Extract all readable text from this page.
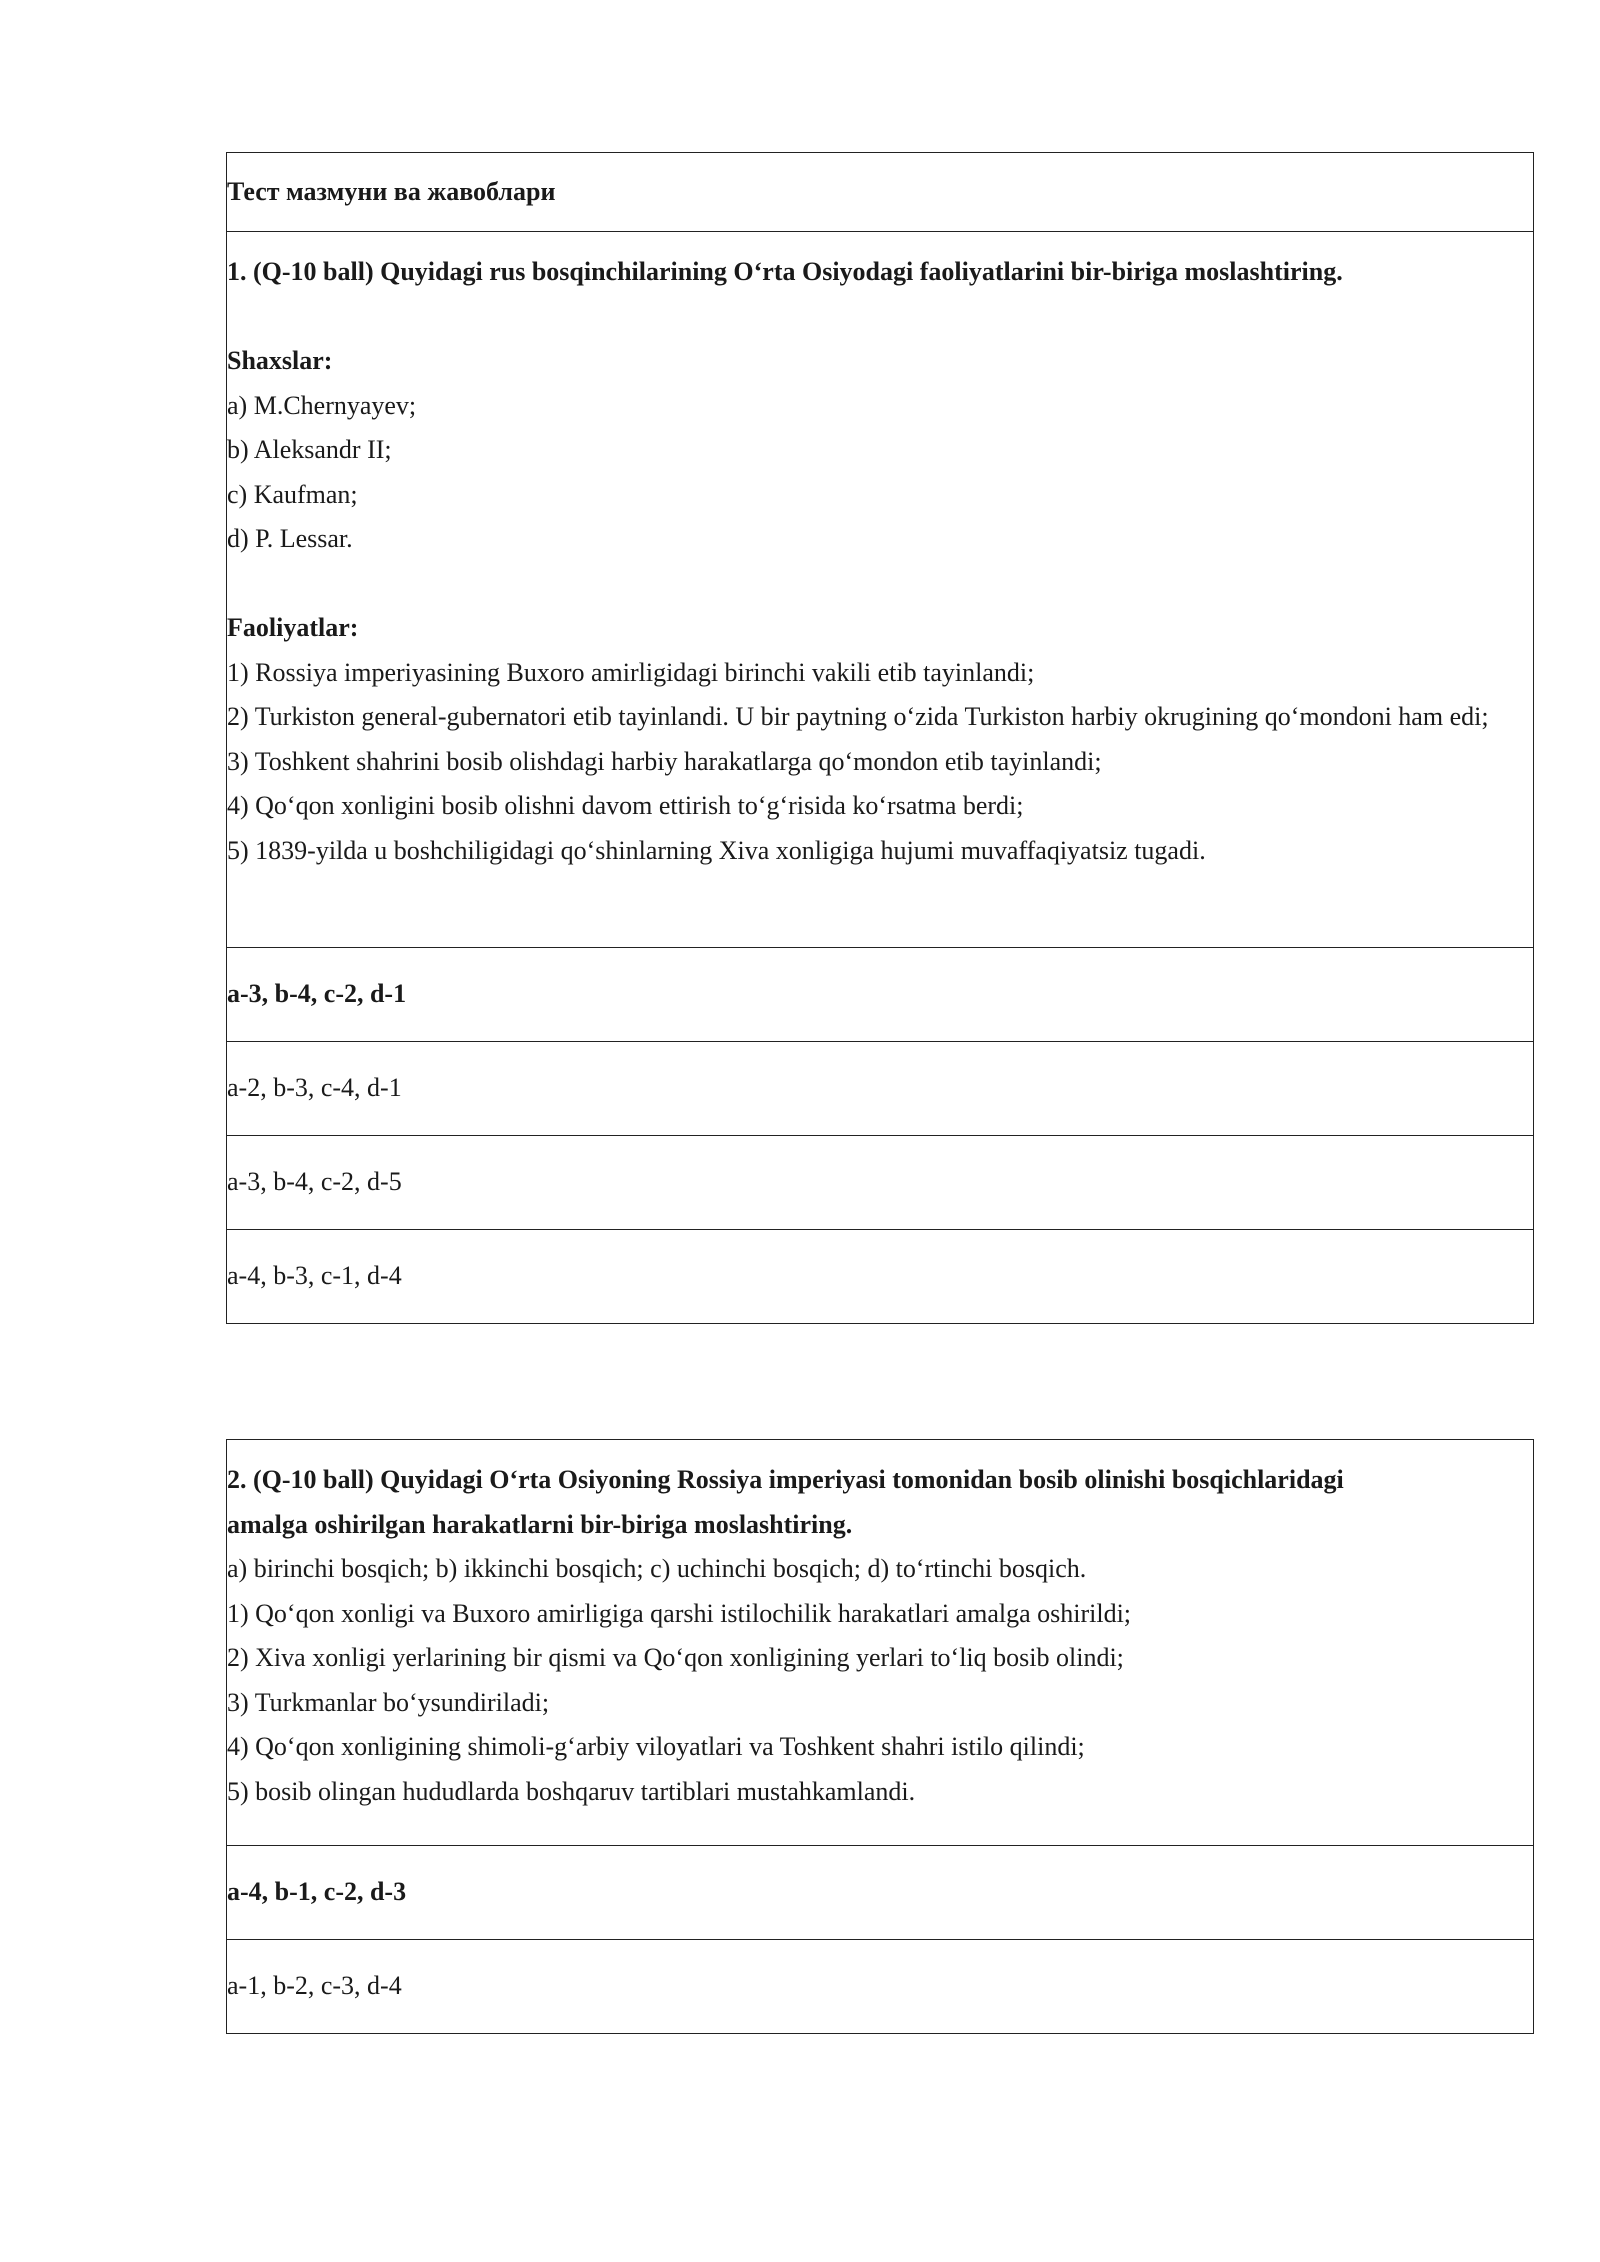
Тест мазмуни ва жавоблари
1. (Q-10 ball) Quyidagi rus bosqinchilarining O‘rta Osiyodagi faoliyatlarini bir-biriga moslashtiring.
Shaxslar:
a) M.Chernyayev;
b) Aleksandr II;
c) Kaufman;
d) P. Lessar.
Faoliyatlar:
1) Rossiya imperiyasining Buxoro amirligidagi birinchi vakili etib tayinlandi;
2) Turkiston general-gubernatori etib tayinlandi. U bir paytning o‘zida Turkiston harbiy okrugining qo‘mondoni ham edi;
3) Toshkent shahrini bosib olishdagi harbiy harakatlarga qo‘mondon etib tayinlandi;
4) Qo‘qon xonligini bosib olishni davom ettirish to‘g‘risida ko‘rsatma berdi;
5) 1839-yilda u boshchiligidagi qo‘shinlarning Xiva xonligiga hujumi muvaffaqiyatsiz tugadi.
a-3, b-4, c-2, d-1
a-2, b-3, c-4, d-1
a-3, b-4, c-2, d-5
a-4, b-3, c-1, d-4
2. (Q-10 ball) Quyidagi O‘rta Osiyoning Rossiya imperiyasi tomonidan bosib olinishi bosqichlaridagi
amalga oshirilgan harakatlarni bir-biriga moslashtiring.
a) birinchi bosqich; b) ikkinchi bosqich; c) uchinchi bosqich; d) to‘rtinchi bosqich.
1) Qo‘qon xonligi va Buxoro amirligiga qarshi istilochilik harakatlari amalga oshirildi;
2) Xiva xonligi yerlarining bir qismi va Qo‘qon xonligining yerlari to‘liq bosib olindi;
3) Turkmanlar bo‘ysundiriladi;
4) Qo‘qon xonligining shimoli-g‘arbiy viloyatlari va Toshkent shahri istilo qilindi;
5) bosib olingan hududlarda boshqaruv tartiblari mustahkamlandi.
a-4, b-1, c-2, d-3
a-1, b-2, c-3, d-4
